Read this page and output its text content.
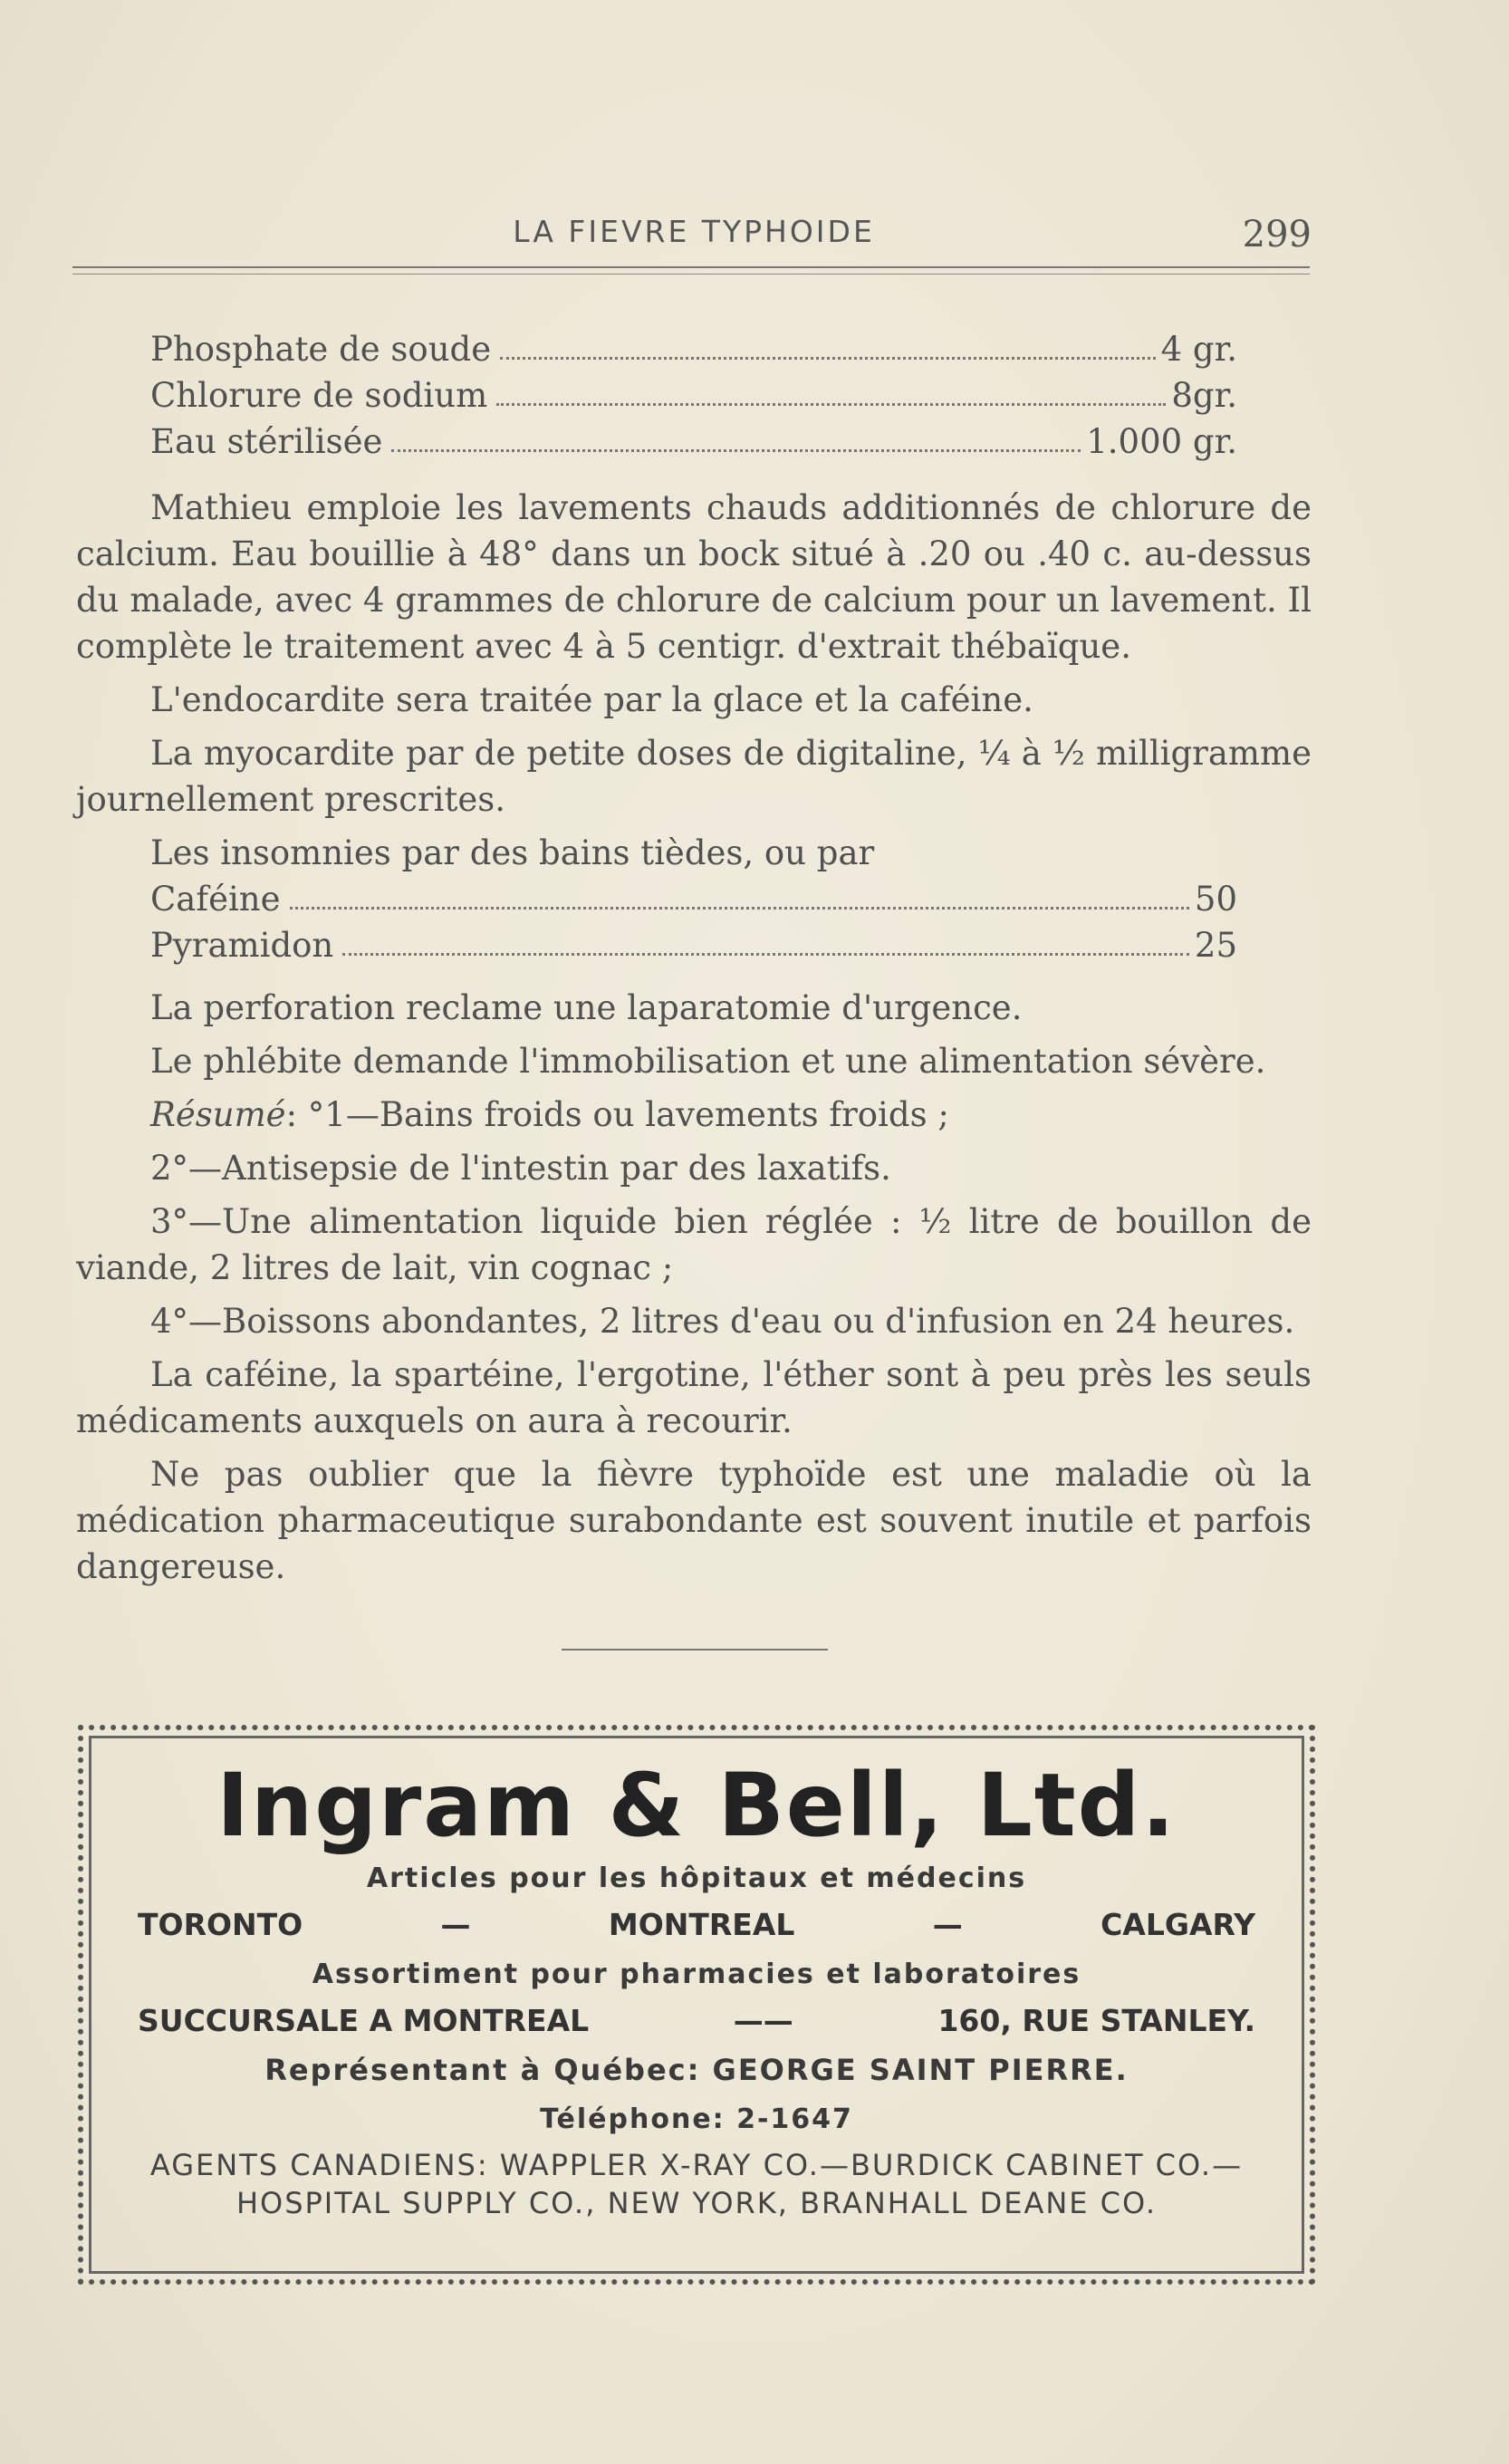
LA FIEVRE TYPHOIDE	299
Phosphate de soude	4 gr.
Chlorure de sodium	8gr.
Eau stérilisée	1.000 gr.

Mathieu emploie les lavements chauds additionnés de chlorure de calcium. Eau bouillie à 48° dans un bock situé à .20 ou .40 c. au-dessus du malade, avec 4 grammes de chlorure de calcium pour un lavement. Il complète le traitement avec 4 à 5 centigr. d'extrait thébaïque.

L'endocardite sera traitée par la glace et la caféine.

La myocardite par de petite doses de digitaline, ¼ à ½ milligramme journellement prescrites.

Les insomnies par des bains tièdes, ou par

Caféine	50
Pyramidon	25

La perforation reclame une laparatomie d'urgence.

Le phlébite demande l'immobilisation et une alimentation sévère.

Résumé: °1—Bains froids ou lavements froids ;

2°—Antisepsie de l'intestin par des laxatifs.

3°—Une alimentation liquide bien réglée : ½ litre de bouillon de viande, 2 litres de lait, vin cognac ;

4°—Boissons abondantes, 2 litres d'eau ou d'infusion en 24 heures.

La caféine, la spartéine, l'ergotine, l'éther sont à peu près les seuls médicaments auxquels on aura à recourir.

Ne pas oublier que la fièvre typhoïde est une maladie où la médication pharmaceutique surabondante est souvent inutile et parfois dangereuse.

Ingram & Bell, Ltd.
Articles pour les hôpitaux et médecins
TORONTO	—	MONTREAL	—	CALGARY
Assortiment pour pharmacies et laboratoires
SUCCURSALE A MONTREAL	——	160, RUE STANLEY.
Représentant à Québec: GEORGE SAINT PIERRE.
Téléphone: 2-1647
AGENTS CANADIENS: WAPPLER X-RAY CO.—BURDICK CABINET CO.—
HOSPITAL SUPPLY CO., NEW YORK, BRANHALL DEANE CO.
